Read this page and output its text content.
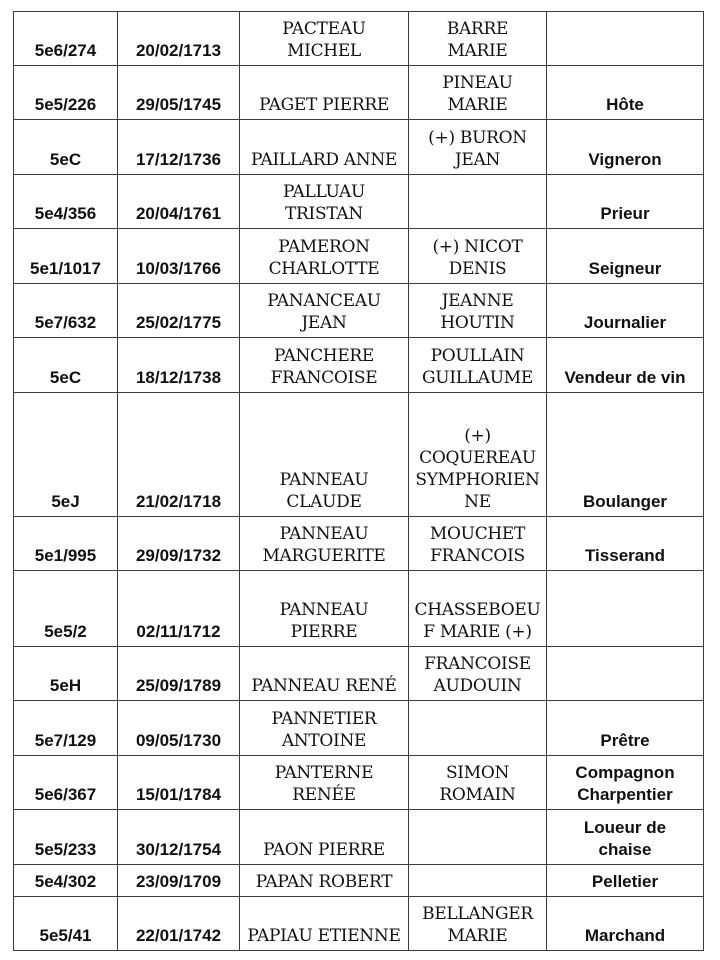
5e6/274	20/02/1713	PACTEAU
MICHEL	BARRE
MARIE	

5e5/226	29/05/1745	PAGET PIERRE	PINEAU
MARIE	Hôte

5eC	17/12/1736	PAILLARD ANNE	(+) BURON
JEAN	Vigneron

5e4/356	20/04/1761	PALLUAU
TRISTAN		Prieur

5e1/1017	10/03/1766	PAMERON
CHARLOTTE	(+) NICOT
DENIS	Seigneur

5e7/632	25/02/1775	PANANCEAU
JEAN	JEANNE
HOUTIN	Journalier

5eC	18/12/1738	PANCHERE
FRANCOISE	POULLAIN
GUILLAUME	Vendeur de vin

5eJ	21/02/1718	PANNEAU
CLAUDE	(+)
COQUEREAU
SYMPHORIENNE	Boulanger

5e1/995	29/09/1732	PANNEAU
MARGUERITE	MOUCHET
FRANCOIS	Tisserand

5e5/2	02/11/1712	PANNEAU
PIERRE	CHASSEBOEUF MARIE (+)	

5eH	25/09/1789	PANNEAU RENÉ	FRANCOISE
AUDOUIN	

5e7/129	09/05/1730	PANNETIER
ANTOINE		Prêtre

5e6/367	15/01/1784	PANTERNE
RENÉE	SIMON
ROMAIN	Compagnon
Charpentier

5e5/233	30/12/1754	PAON PIERRE		Loueur de
chaise

5e4/302	23/09/1709	PAPAN ROBERT		Pelletier

5e5/41	22/01/1742	PAPIAU ETIENNE	BELLANGER
MARIE	Marchand
